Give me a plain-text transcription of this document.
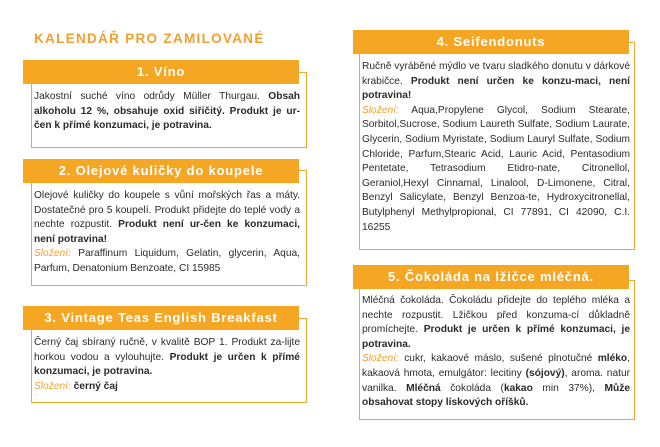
KALENDÁŘ PRO ZAMILOVANÉ
1. Víno
Jakostní suché víno odrůdy Müller Thurgau. Obsah alkoholu 12 %, obsahuje oxid siřičitý. Produkt je ur-čen k přímé konzumaci, je potravina.
2. Olejové kuličky do koupele
Olejové kuličky do koupele s vůní mořských řas a máty. Dostatečné pro 5 koupelí. Produkt přidejte do teplé vody a nechte rozpustit. Produkt není ur-čen ke konzumaci, není potravina!
Složení: Paraffinum Liquidum, Gelatin, glycerin, Aqua, Parfum, Denatonium Benzoate, CI 15985
3. Vintage Teas English Breakfast
Černý čaj sbíraný ručně, v kvalitě BOP 1. Produkt za-lijte horkou vodou a vylouhujte. Produkt je určen k přímé konzumaci, je potravina.
Složení: černý čaj
4. Seifendonuts
Ručně vyráběné mýdlo ve tvaru sladkého donutu v dárkové krabičce. Produkt není určen ke konzu-maci, není potravina!
Složení: Aqua,Propylene Glycol, Sodium Stearate, Sorbitol,Sucrose, Sodium Laureth Sulfate, Sodium Laurate, Glycerin, Sodium Myristate, Sodium Lauryl Sulfate, Sodium Chloride, Parfum,Stearic Acid, Lauric Acid, Pentasodium Pentetate, Tetrasodium Etidro-nate, Citronellol, Geraniol,Hexyl Cinnamal, Linalool, D-Limonene, Citral, Benzyl Salicylate, Benzyl Benzoa-te, Hydroxycitronellal, Butylphenyl Methylpropional, CI 77891, CI 42090, C.I. 16255
5. Čokoláda na lžičce mléčná.
Mléčná čokoláda. Čokoládu přidejte do teplého mléka a nechte rozpustit. Lžičkou před konzuma-cí důkladně promíchejte. Produkt je určen k přímé konzumaci, je potravina.
Složení: cukr, kakaové máslo, sušené plnotučné mléko, kakaová hmota, emulgátor: lecitiny (sójový), aroma. natur vanilka. Mléčná čokoláda (kakao min 37%), Může obsahovat stopy lískových oříšků.
